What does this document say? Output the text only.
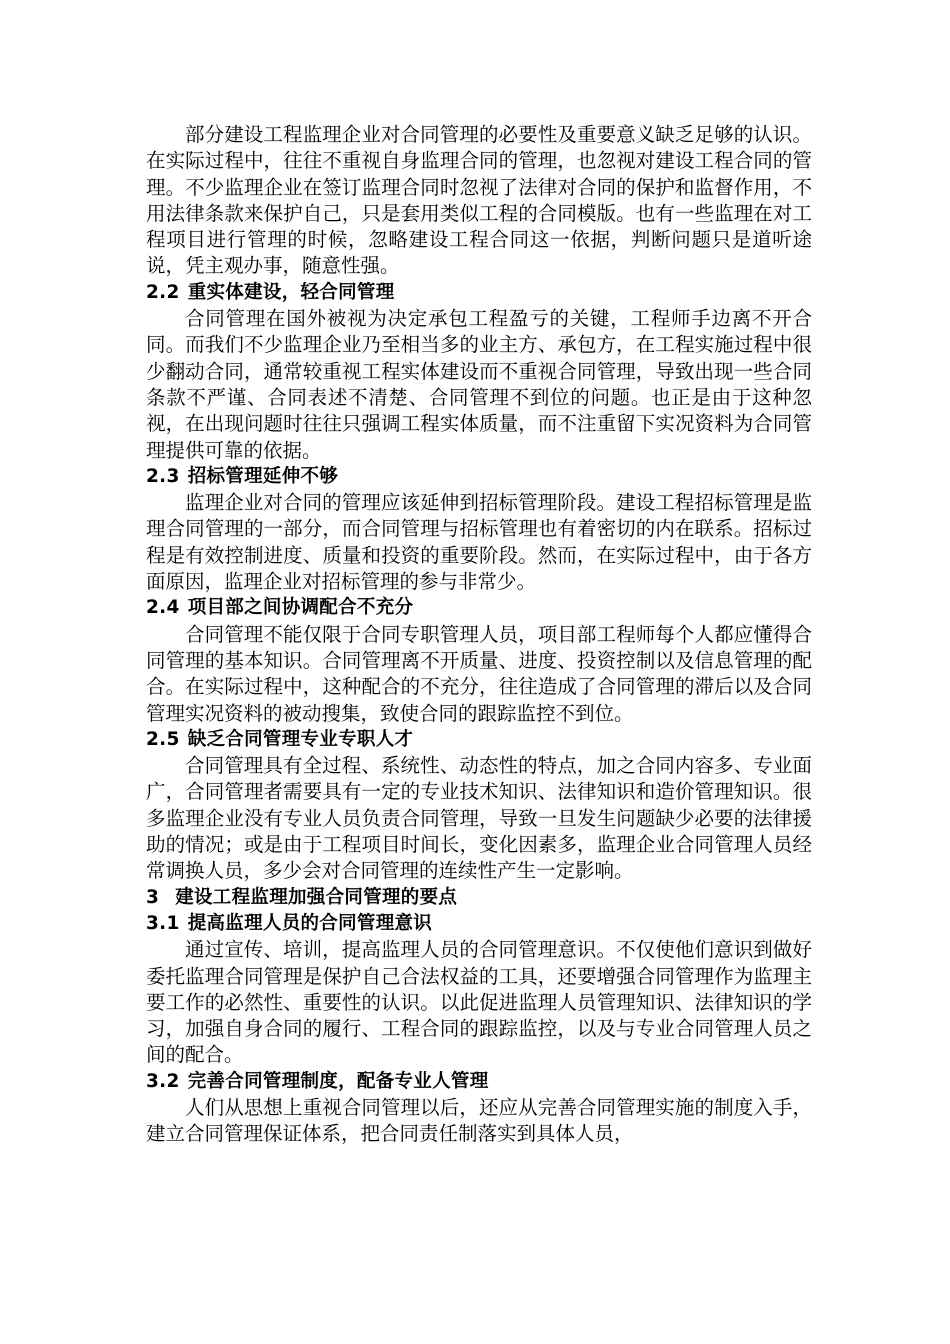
部分建设工程监理企业对合同管理的必要性及重要意义缺乏足够的认识。在实际过程中，往往不重视自身监理合同的管理，也忽视对建设工程合同的管理。不少监理企业在签订监理合同时忽视了法律对合同的保护和监督作用，不用法律条款来保护自己，只是套用类似工程的合同模版。也有一些监理在对工程项目进行管理的时候，忽略建设工程合同这一依据，判断问题只是道听途说，凭主观办事，随意性强。

2.2 重实体建设，轻合同管理

合同管理在国外被视为决定承包工程盈亏的关键，工程师手边离不开合同。而我们不少监理企业乃至相当多的业主方、承包方，在工程实施过程中很少翻动合同，通常较重视工程实体建设而不重视合同管理，导致出现一些合同条款不严谨、合同表述不清楚、合同管理不到位的问题。也正是由于这种忽视，在出现问题时往往只强调工程实体质量，而不注重留下实况资料为合同管理提供可靠的依据。

2.3 招标管理延伸不够

监理企业对合同的管理应该延伸到招标管理阶段。建设工程招标管理是监理合同管理的一部分，而合同管理与招标管理也有着密切的内在联系。招标过程是有效控制进度、质量和投资的重要阶段。然而，在实际过程中，由于各方面原因，监理企业对招标管理的参与非常少。

2.4 项目部之间协调配合不充分

合同管理不能仅限于合同专职管理人员，项目部工程师每个人都应懂得合同管理的基本知识。合同管理离不开质量、进度、投资控制以及信息管理的配合。在实际过程中，这种配合的不充分，往往造成了合同管理的滞后以及合同管理实况资料的被动搜集，致使合同的跟踪监控不到位。

2.5 缺乏合同管理专业专职人才

合同管理具有全过程、系统性、动态性的特点，加之合同内容多、专业面广，合同管理者需要具有一定的专业技术知识、法律知识和造价管理知识。很多监理企业没有专业人员负责合同管理，导致一旦发生问题缺少必要的法律援助的情况；或是由于工程项目时间长，变化因素多，监理企业合同管理人员经常调换人员，多少会对合同管理的连续性产生一定影响。

3 建设工程监理加强合同管理的要点

3.1 提高监理人员的合同管理意识

通过宣传、培训，提高监理人员的合同管理意识。不仅使他们意识到做好委托监理合同管理是保护自己合法权益的工具，还要增强合同管理作为监理主要工作的必然性、重要性的认识。以此促进监理人员管理知识、法律知识的学习，加强自身合同的履行、工程合同的跟踪监控，以及与专业合同管理人员之间的配合。

3.2 完善合同管理制度，配备专业人管理

人们从思想上重视合同管理以后，还应从完善合同管理实施的制度入手，建立合同管理保证体系，把合同责任制落实到具体人员，
